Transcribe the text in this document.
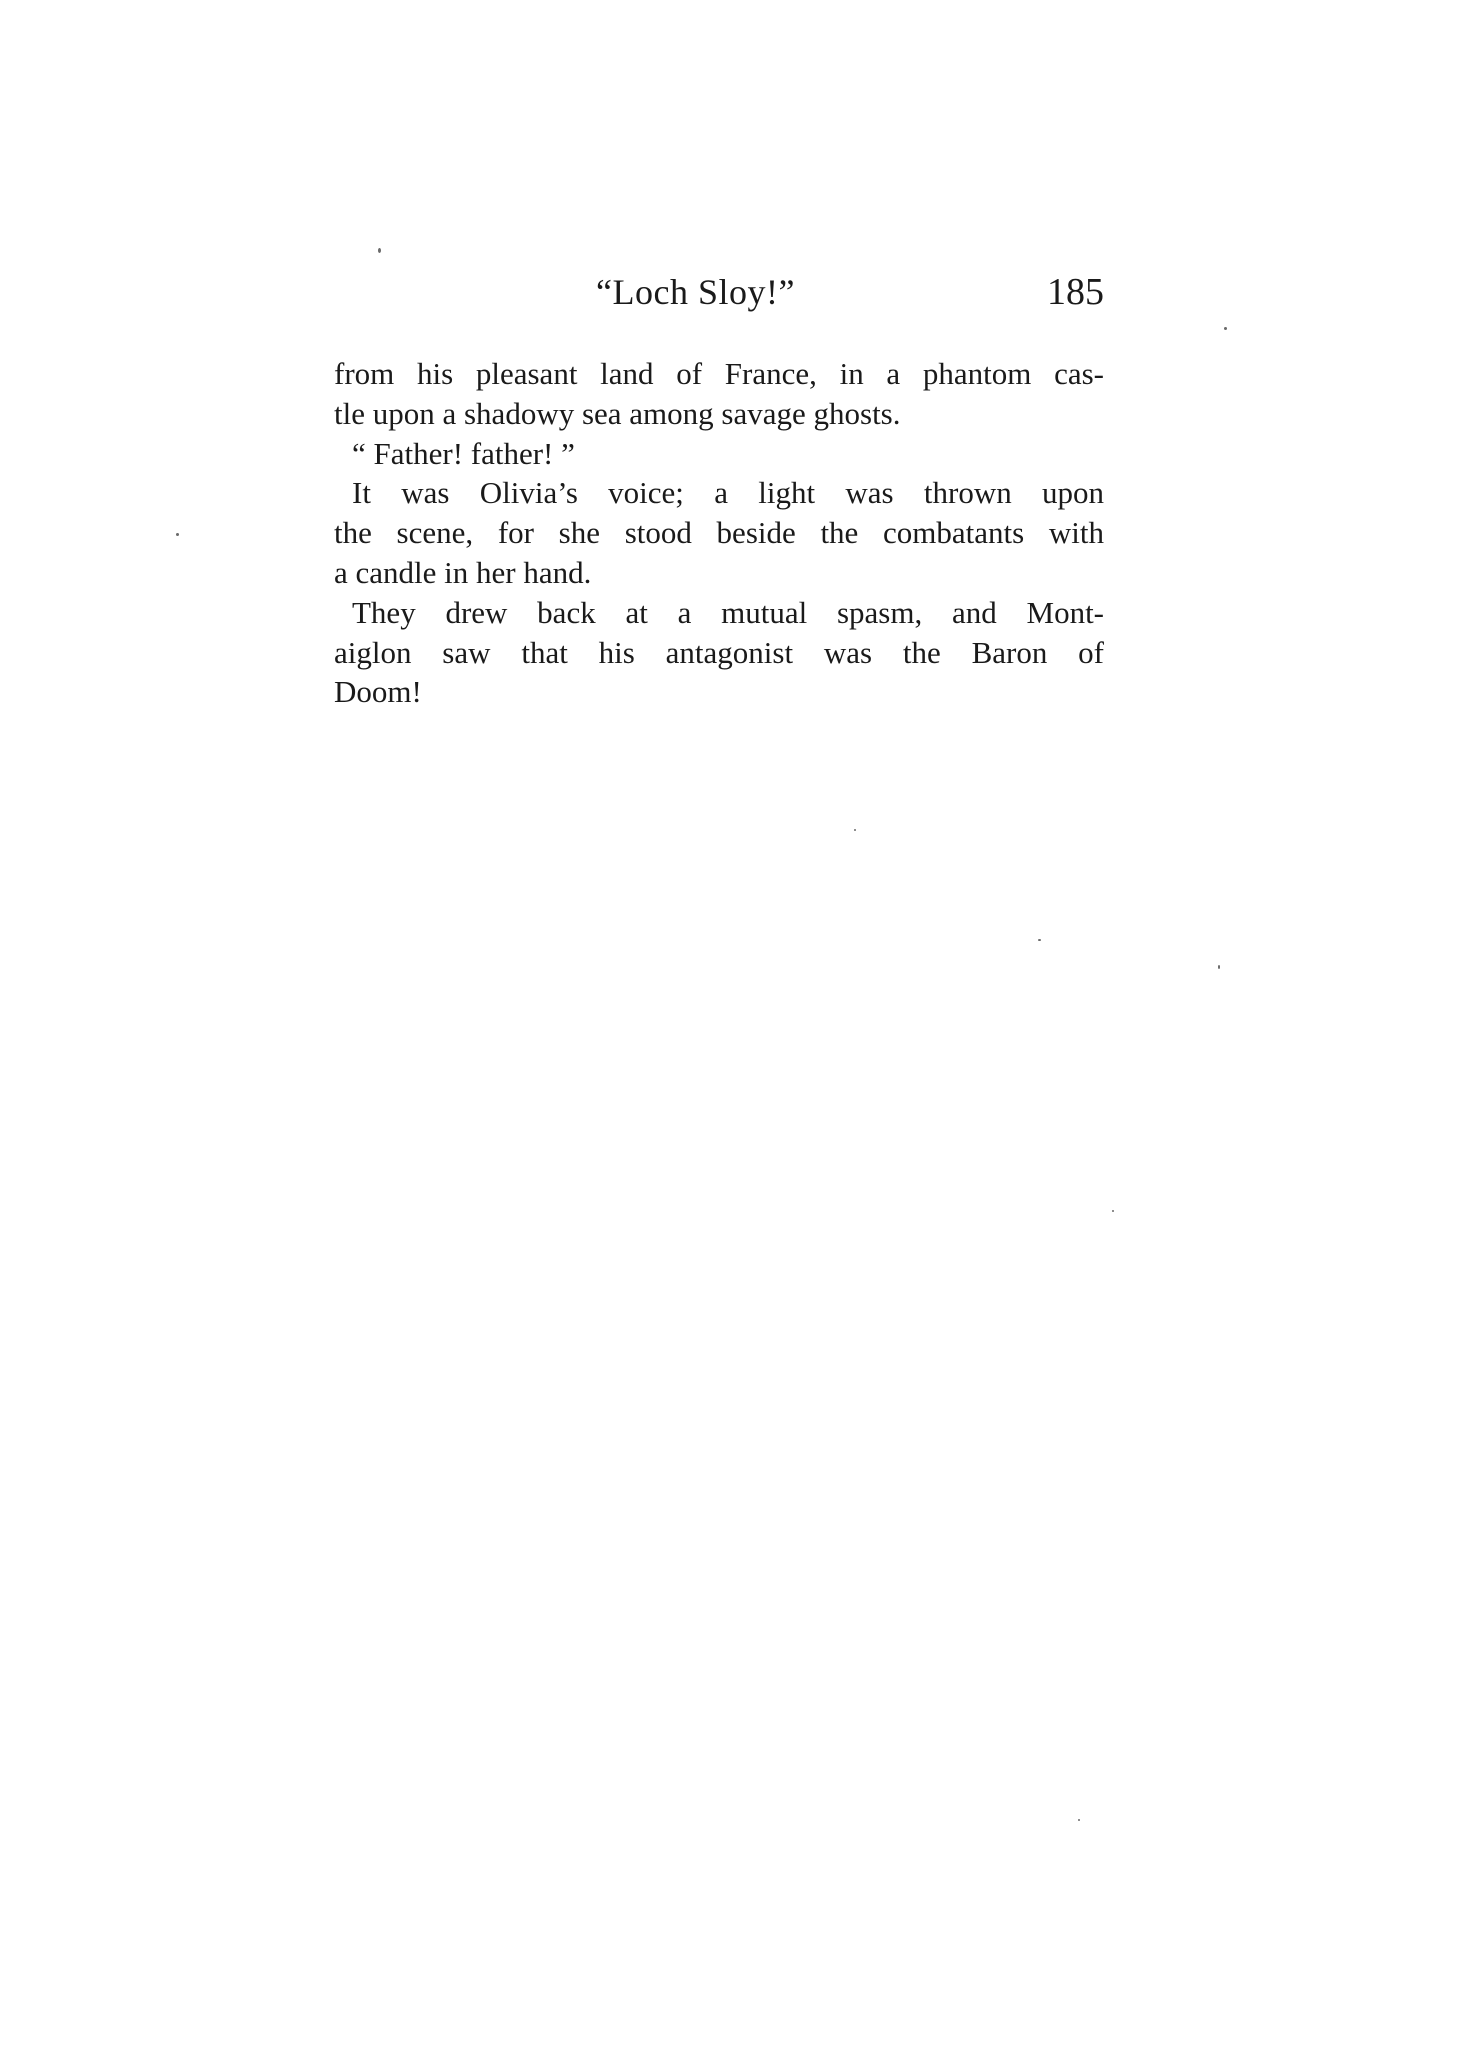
“Loch Sloy!”	185

from his pleasant land of France, in a phantom cas-
tle upon a shadowy sea among savage ghosts.

“ Father! father! ”

It was Olivia’s voice; a light was thrown upon
the scene, for she stood beside the combatants with
a candle in her hand.

They drew back at a mutual spasm, and Mont-
aiglon saw that his antagonist was the Baron of
Doom!
